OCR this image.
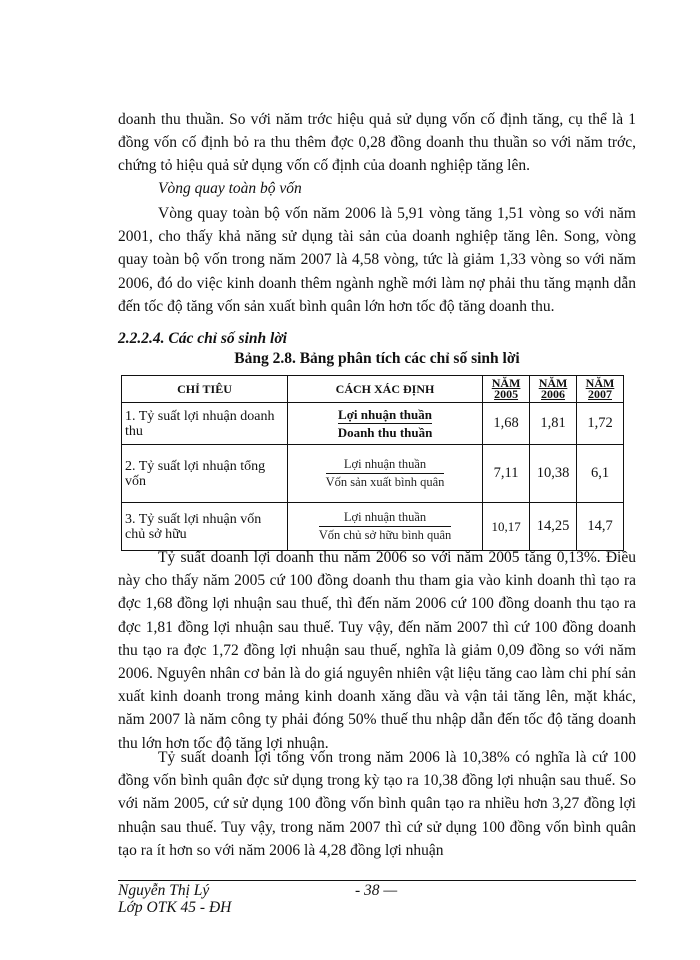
doanh thu thuần. So với năm trớc hiệu quả sử dụng vốn cố định tăng, cụ thể là 1 đồng vốn cố định bỏ ra thu thêm đợc 0,28 đồng doanh thu thuần so với năm trớc, chứng tỏ hiệu quả sử dụng vốn cố định của doanh nghiệp tăng lên.

Vòng quay toàn bộ vốn

Vòng quay toàn bộ vốn năm 2006 là 5,91 vòng tăng 1,51 vòng so với năm 2001, cho thấy khả năng sử dụng tài sản của doanh nghiệp tăng lên. Song, vòng quay toàn bộ vốn trong năm 2007 là 4,58 vòng, tức là giảm 1,33 vòng so với năm 2006, đó do việc kinh doanh thêm ngành nghề mới làm nợ phải thu tăng mạnh dẫn đến tốc độ tăng vốn sản xuất bình quân lớn hơn tốc độ tăng doanh thu.

2.2.2.4. Các chỉ số sinh lời
Bảng 2.8. Bảng phân tích các chỉ số sinh lời
CHỈ TIÊU	CÁCH XÁC ĐỊNH	NĂM 2005	NĂM 2006	NĂM 2007
1. Tỷ suất lợi nhuận doanh thu	$\frac{\text{Lợi nhuận thuần}}{\text{Doanh thu thuần}}$	1,68	1,81	1,72
2. Tỷ suất lợi nhuận tổng vốn	$\frac{\text{Lợi nhuận thuần}}{\text{Vốn sản xuất bình quân}}$	7,11	10,38	6,1
3. Tỷ suất lợi nhuận vốn chủ sở hữu	$\frac{\text{Lợi nhuận thuần}}{\text{Vốn chủ sở hữu bình quân}}$	10,17	14,25	14,7

Tỷ suất doanh lợi doanh thu năm 2006 so với năm 2005 tăng 0,13%. Điều này cho thấy năm 2005 cứ 100 đồng doanh thu tham gia vào kinh doanh thì tạo ra đợc 1,68 đồng lợi nhuận sau thuế, thì đến năm 2006 cứ 100 đồng doanh thu tạo ra đợc 1,81 đồng lợi nhuận sau thuế. Tuy vậy, đến năm 2007 thì cứ 100 đồng doanh thu tạo ra đợc 1,72 đồng lợi nhuận sau thuế, nghĩa là giảm 0,09 đồng so với năm 2006. Nguyên nhân cơ bản là do giá nguyên nhiên vật liệu tăng cao làm chi phí sản xuất kinh doanh trong mảng kinh doanh xăng dầu và vận tải tăng lên, mặt khác, năm 2007 là năm công ty phải đóng 50% thuế thu nhập dẫn đến tốc độ tăng doanh thu lớn hơn tốc độ tăng lợi nhuận.

Tỷ suất doanh lợi tổng vốn trong năm 2006 là 10,38% có nghĩa là cứ 100 đồng vốn bình quân đợc sử dụng trong kỳ tạo ra 10,38 đồng lợi nhuận sau thuế. So với năm 2005, cứ sử dụng 100 đồng vốn bình quân tạo ra nhiều hơn 3,27 đồng lợi nhuận sau thuế. Tuy vậy, trong năm 2007 thì cứ sử dụng 100 đồng vốn bình quân tạo ra ít hơn so với năm 2006 là 4,28 đồng lợi nhuận

Nguyễn Thị Lý
Lớp OTK 45 - ĐH
- 38 —
